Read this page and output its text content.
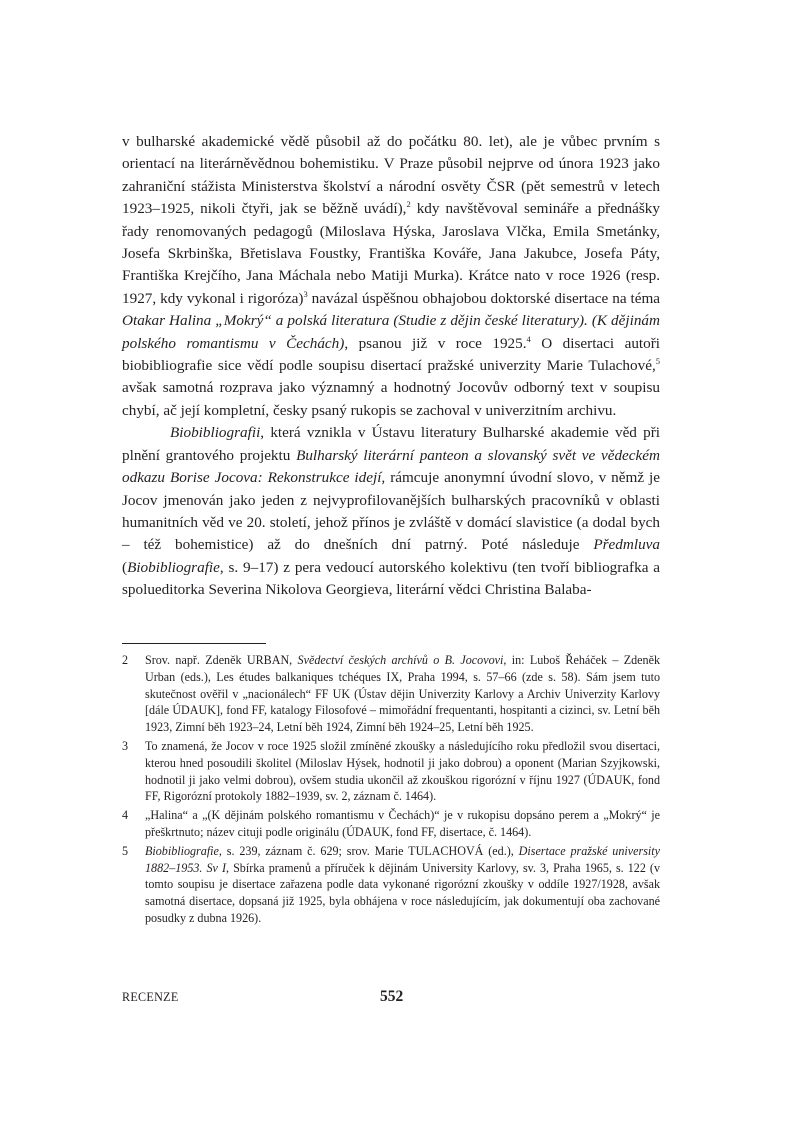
v bulharské akademické vědě působil až do počátku 80. let), ale je vůbec prvním s orientací na literárněvědnou bohemistiku. V Praze působil nejprve od února 1923 jako zahraniční stážista Ministerstva školství a národní osvěty ČSR (pět semestrů v letech 1923–1925, nikoli čtyři, jak se běžně uvádí),$^2$ kdy navštěvoval semináře a přednášky řady renomovaných pedagogů (Miloslava Hýska, Jaroslava Vlčka, Emila Smetánky, Josefa Skrbinška, Břetislava Foustky, Františka Kováře, Jana Jakubce, Josefa Páty, Františka Krejčího, Jana Máchala nebo Matiji Murka). Krátce nato v roce 1926 (resp. 1927, kdy vykonal i rigoróza)$^3$ navázal úspěšnou obhajobou doktorské disertace na téma Otakar Halina „Mokrý“ a polská literatura (Studie z dějin české literatury). (K dějinám polského romantismu v Čechách), psanou již v roce 1925.$^4$ O disertaci autoři biobibliografie sice vědí podle soupisu disertací pražské univerzity Marie Tulachové,$^5$ avšak samotná rozprava jako významný a hodnotný Jocovův odborný text v soupisu chybí, ač její kompletní, česky psaný rukopis se zachoval v univerzitním archivu.

Biobibliografii, která vznikla v Ústavu literatury Bulharské akademie věd při plnění grantového projektu Bulharský literární panteon a slovanský svět ve vědeckém odkazu Borise Jocova: Rekonstrukce idejí, rámcuje anonymní úvodní slovo, v němž je Jocov jmenován jako jeden z nejvyprofilovanějších bulharských pracovníků v oblasti humanitních věd ve 20. století, jehož přínos je zvláště v domácí slavistice (a dodal bych – též bohemistice) až do dnešních dní patrný. Poté následuje Předmluva (Biobibliografie, s. 9–17) z pera vedoucí autorského kolektivu (ten tvoří bibliografka a spolueditorka Severina Nikolova Georgieva, literární vědci Christina Balaba-

2	Srov. např. Zdeněk URBAN, Svědectví českých archívů o B. Jocovovi, in: Luboš Řeháček – Zdeněk Urban (eds.), Les études balkaniques tchéques IX, Praha 1994, s. 57–66 (zde s. 58). Sám jsem tuto skutečnost ověřil v „nacionálech“ FF UK (Ústav dějin Univerzity Karlovy a Archiv Univerzity Karlovy [dále ÚDAUK], fond FF, katalogy Filosofové – mimořádní frequentanti, hospitanti a cizinci, sv. Letní běh 1923, Zimní běh 1923–24, Letní běh 1924, Zimní běh 1924–25, Letní běh 1925.
3	To znamená, že Jocov v roce 1925 složil zmíněné zkoušky a následujícího roku předložil svou disertaci, kterou hned posoudili školitel (Miloslav Hýsek, hodnotil ji jako dobrou) a oponent (Marian Szyjkowski, hodnotil ji jako velmi dobrou), ovšem studia ukončil až zkouškou rigorózní v říjnu 1927 (ÚDAUK, fond FF, Rigorózní protokoly 1882–1939, sv. 2, záznam č. 1464).
4	„Halina“ a „(K dějinám polského romantismu v Čechách)“ je v rukopisu dopsáno perem a „Mokrý“ je přeškrtnuto; název cituji podle originálu (ÚDAUK, fond FF, disertace, č. 1464).
5	Biobibliografie, s. 239, záznam č. 629; srov. Marie TULACHOVÁ (ed.), Disertace pražské university 1882–1953. Sv I, Sbírka pramenů a příruček k dějinám University Karlovy, sv. 3, Praha 1965, s. 122 (v tomto soupisu je disertace zařazena podle data vykonané rigorózní zkoušky v oddíle 1927/1928, avšak samotná disertace, dopsaná již 1925, byla obhájena v roce následujícím, jak dokumentují oba zachované posudky z dubna 1926).
RECENZE	552
